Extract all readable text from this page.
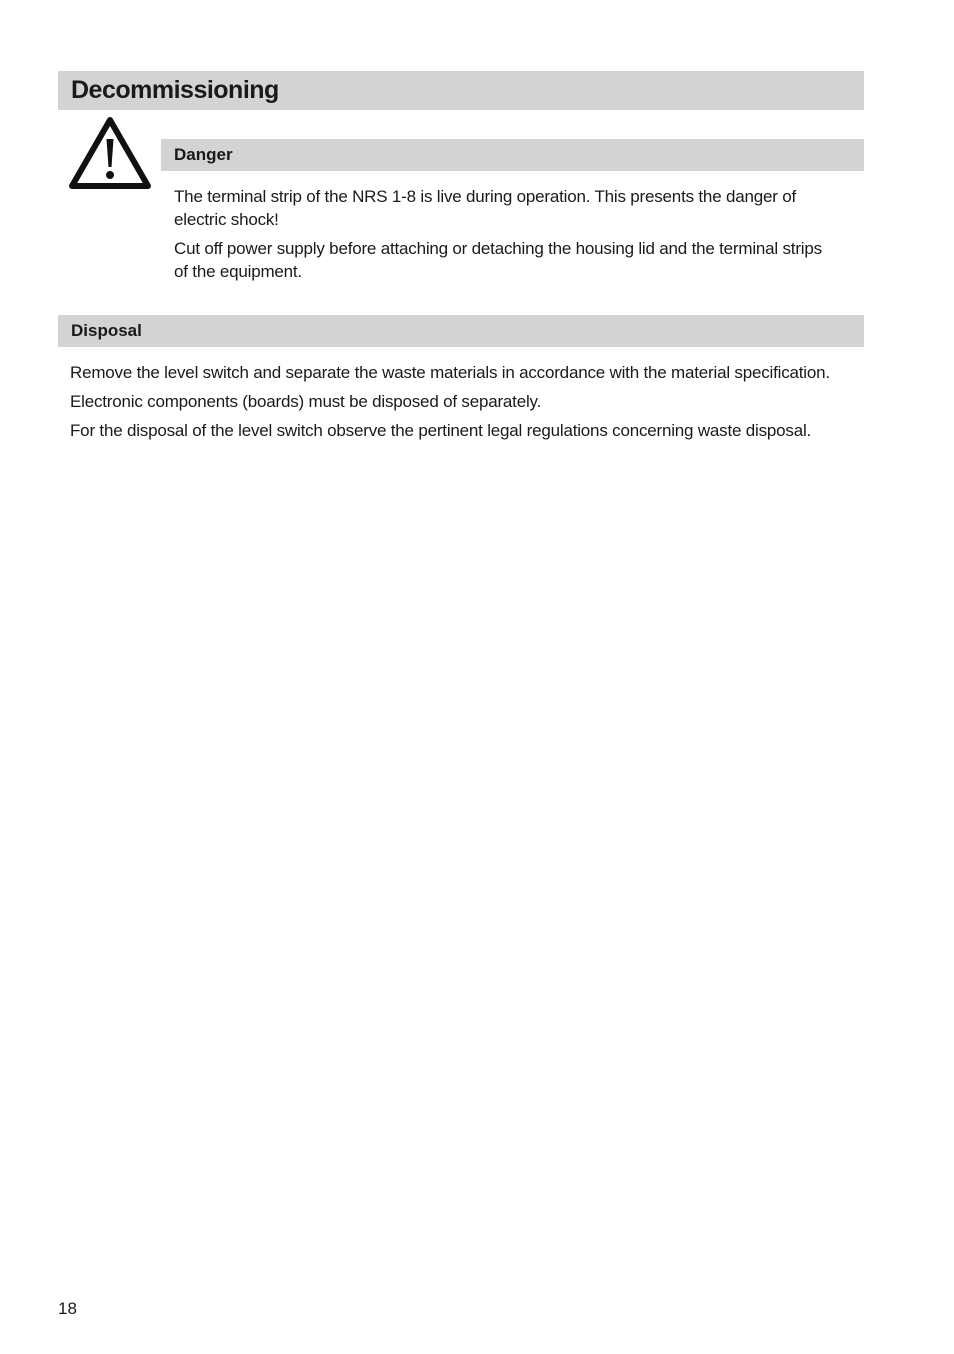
Decommissioning
Danger

The terminal strip of the NRS 1-8 is live during operation. This presents the danger of electric shock!

Cut off power supply before attaching or detaching the housing lid and the terminal strips of the equipment.

Disposal

Remove the level switch and separate the waste materials in accordance with the material specification.

Electronic components (boards) must be disposed of separately.

For the disposal of the level switch observe the pertinent legal regulations concerning waste disposal.

18
